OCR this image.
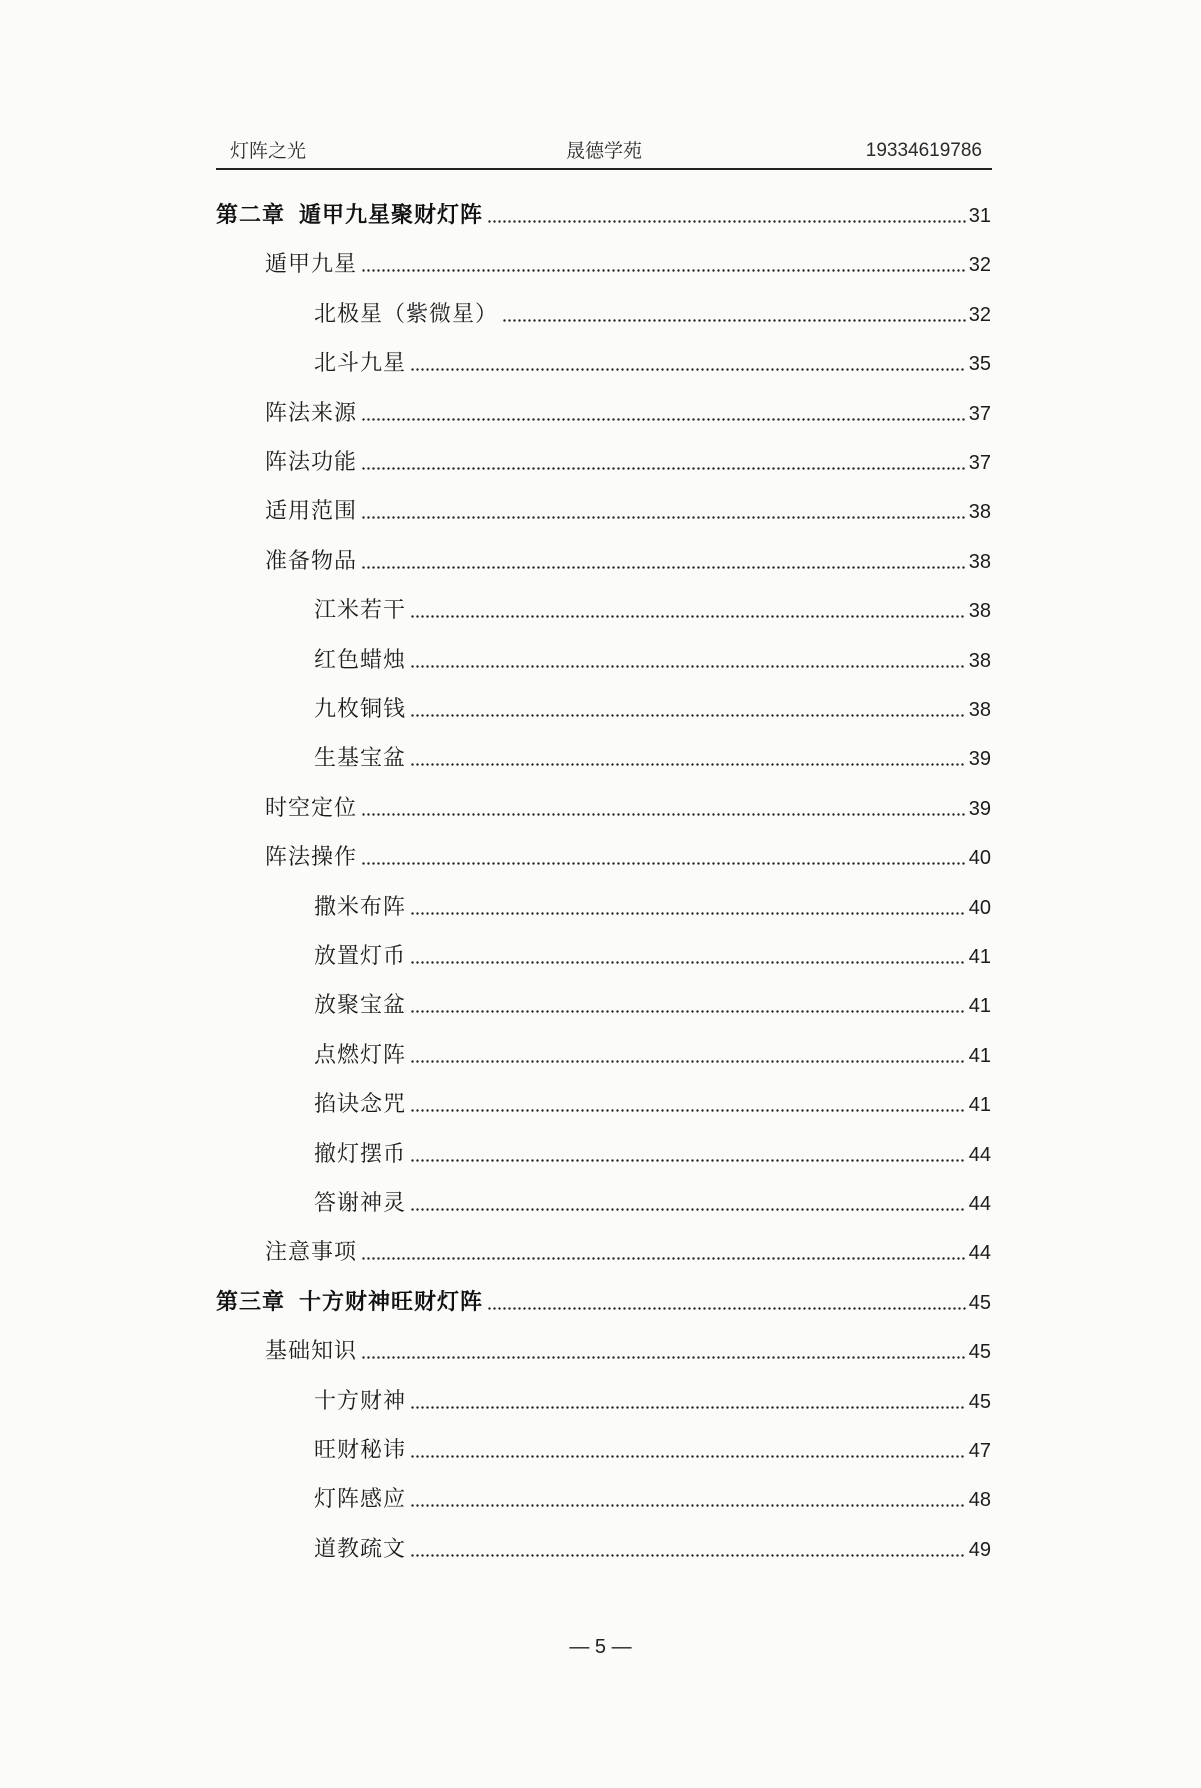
灯阵之光	晟德学苑	19334619786
第二章 遁甲九星聚财灯阵	31
遁甲九星	32
北极星（紫微星）	32
北斗九星	35
阵法来源	37
阵法功能	37
适用范围	38
准备物品	38
江米若干	38
红色蜡烛	38
九枚铜钱	38
生基宝盆	39
时空定位	39
阵法操作	40
撒米布阵	40
放置灯币	41
放聚宝盆	41
点燃灯阵	41
掐诀念咒	41
撤灯摆币	44
答谢神灵	44
注意事项	44
第三章 十方财神旺财灯阵	45
基础知识	45
十方财神	45
旺财秘讳	47
灯阵感应	48
道教疏文	49
— 5 —
